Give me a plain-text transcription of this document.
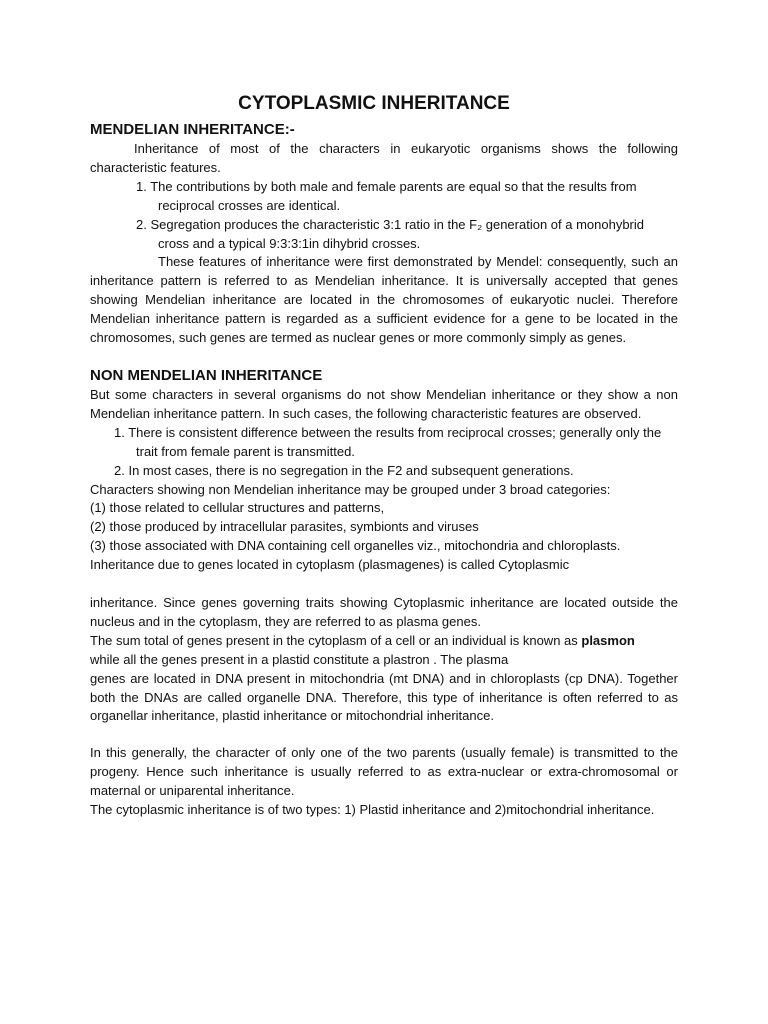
CYTOPLASMIC INHERITANCE
MENDELIAN INHERITANCE:-

Inheritance of most of the characters in eukaryotic organisms shows the following characteristic features.

1. The contributions by both male and female parents are equal so that the results from reciprocal crosses are identical.

2. Segregation produces the characteristic 3:1 ratio in the F₂ generation of a monohybrid cross and a typical 9:3:3:1in dihybrid crosses.

These features of inheritance were first demonstrated by Mendel: consequently, such an inheritance pattern is referred to as Mendelian inheritance. It is universally accepted that genes showing Mendelian inheritance are located in the chromosomes of eukaryotic nuclei. Therefore Mendelian inheritance pattern is regarded as a sufficient evidence for a gene to be located in the chromosomes, such genes are termed as nuclear genes or more commonly simply as genes.

NON MENDELIAN INHERITANCE

But some characters in several organisms do not show Mendelian inheritance or they show a non Mendelian inheritance pattern. In such cases, the following characteristic features are observed.

1. There is consistent difference between the results from reciprocal crosses; generally only the trait from female parent is transmitted.

2. In most cases, there is no segregation in the F2 and subsequent generations.

Characters showing non Mendelian inheritance may be grouped under 3 broad categories:

(1) those related to cellular structures and patterns,

(2) those produced by intracellular parasites, symbionts and viruses

(3) those associated with DNA containing cell organelles viz., mitochondria and chloroplasts.

Inheritance due to genes located in cytoplasm (plasmagenes) is called Cytoplasmic

inheritance. Since genes governing traits showing Cytoplasmic inheritance are located outside the nucleus and in the cytoplasm, they are referred to as plasma genes.

The sum total of genes present in the cytoplasm of a cell or an individual is known as plasmon

while all the genes present in a plastid constitute a plastron . The plasma

genes are located in DNA present in mitochondria (mt DNA) and in chloroplasts (cp DNA). Together both the DNAs are called organelle DNA. Therefore, this type of inheritance is often referred to as organellar inheritance, plastid inheritance or mitochondrial inheritance.

In this generally, the character of only one of the two parents (usually female) is transmitted to the progeny. Hence such inheritance is usually referred to as extra-nuclear or extra-chromosomal or maternal or uniparental inheritance.

The cytoplasmic inheritance is of two types: 1) Plastid inheritance and 2)mitochondrial inheritance.
